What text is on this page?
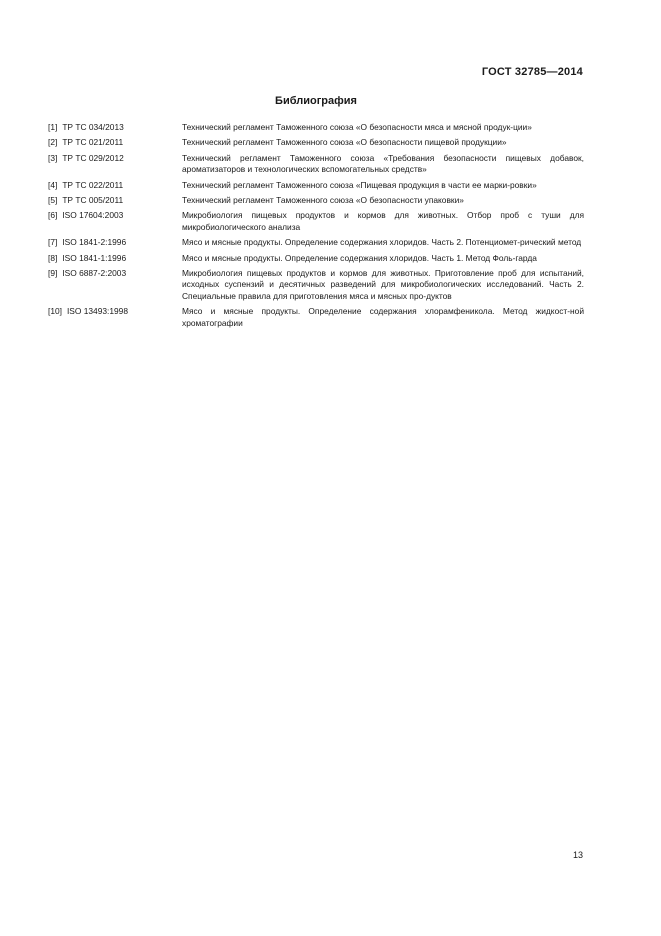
ГОСТ 32785—2014
Библиография
[1] ТР ТС 034/2013	Технический регламент Таможенного союза «О безопасности мяса и мясной продук-ции»
[2] ТР ТС 021/2011	Технический регламент Таможенного союза «О безопасности пищевой продукции»
[3] ТР ТС 029/2012	Технический регламент Таможенного союза «Требования безопасности пищевых добавок, ароматизаторов и технологических вспомогательных средств»
[4] ТР ТС 022/2011	Технический регламент Таможенного союза «Пищевая продукция в части ее марки-ровки»
[5] ТР ТС 005/2011	Технический регламент Таможенного союза «О безопасности упаковки»
[6] ISO 17604:2003	Микробиология пищевых продуктов и кормов для животных. Отбор проб с туши для микробиологического анализа
[7] ISO 1841-2:1996	Мясо и мясные продукты. Определение содержания хлоридов. Часть 2. Потенциомет-рический метод
[8] ISO 1841-1:1996	Мясо и мясные продукты. Определение содержания хлоридов. Часть 1. Метод Фоль-гарда
[9] ISO 6887-2:2003	Микробиология пищевых продуктов и кормов для животных. Приготовление проб для испытаний, исходных суспензий и десятичных разведений для микробиологических исследований. Часть 2. Специальные правила для приготовления мяса и мясных про-дуктов
[10] ISO 13493:1998	Мясо и мясные продукты. Определение содержания хлорамфеникола. Метод жидкост-ной хроматографии
13
